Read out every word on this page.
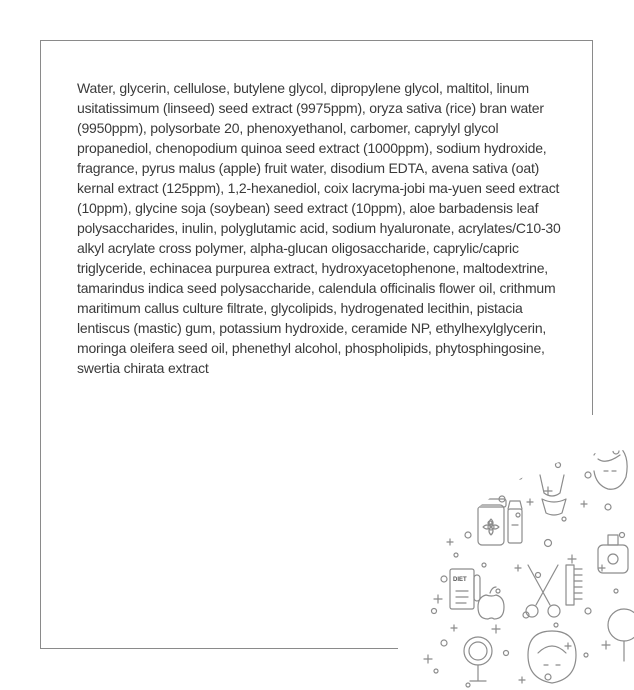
Water, glycerin, cellulose, butylene glycol, dipropylene glycol, maltitol, linum usitatissimum (linseed) seed extract (9975ppm), oryza sativa (rice) bran water (9950ppm), polysorbate 20, phenoxyethanol, carbomer, caprylyl glycol propanediol, chenopodium quinoa seed extract (1000ppm), sodium hydroxide, fragrance, pyrus malus (apple) fruit water, disodium EDTA, avena sativa (oat) kernal extract (125ppm), 1,2-hexanediol, coix lacryma-jobi ma-yuen seed extract (10ppm), glycine soja (soybean) seed extract (10ppm), aloe barbadensis leaf polysaccharides, inulin, polyglutamic acid, sodium hyaluronate, acrylates/C10-30 alkyl acrylate cross polymer, alpha-glucan oligosaccharide, caprylic/capric triglyceride, echinacea purpurea extract, hydroxyacetophenone, maltodextrine, tamarindus indica seed polysaccharide, calendula officinalis flower oil, crithmum maritimum callus culture filtrate, glycolipids, hydrogenated lecithin, pistacia lentiscus (mastic) gum, potassium hydroxide, ceramide NP, ethylhexylglycerin, moringa oleifera seed oil, phenethyl alcohol, phospholipids, phytosphingosine, swertia chirata extract

DIET
